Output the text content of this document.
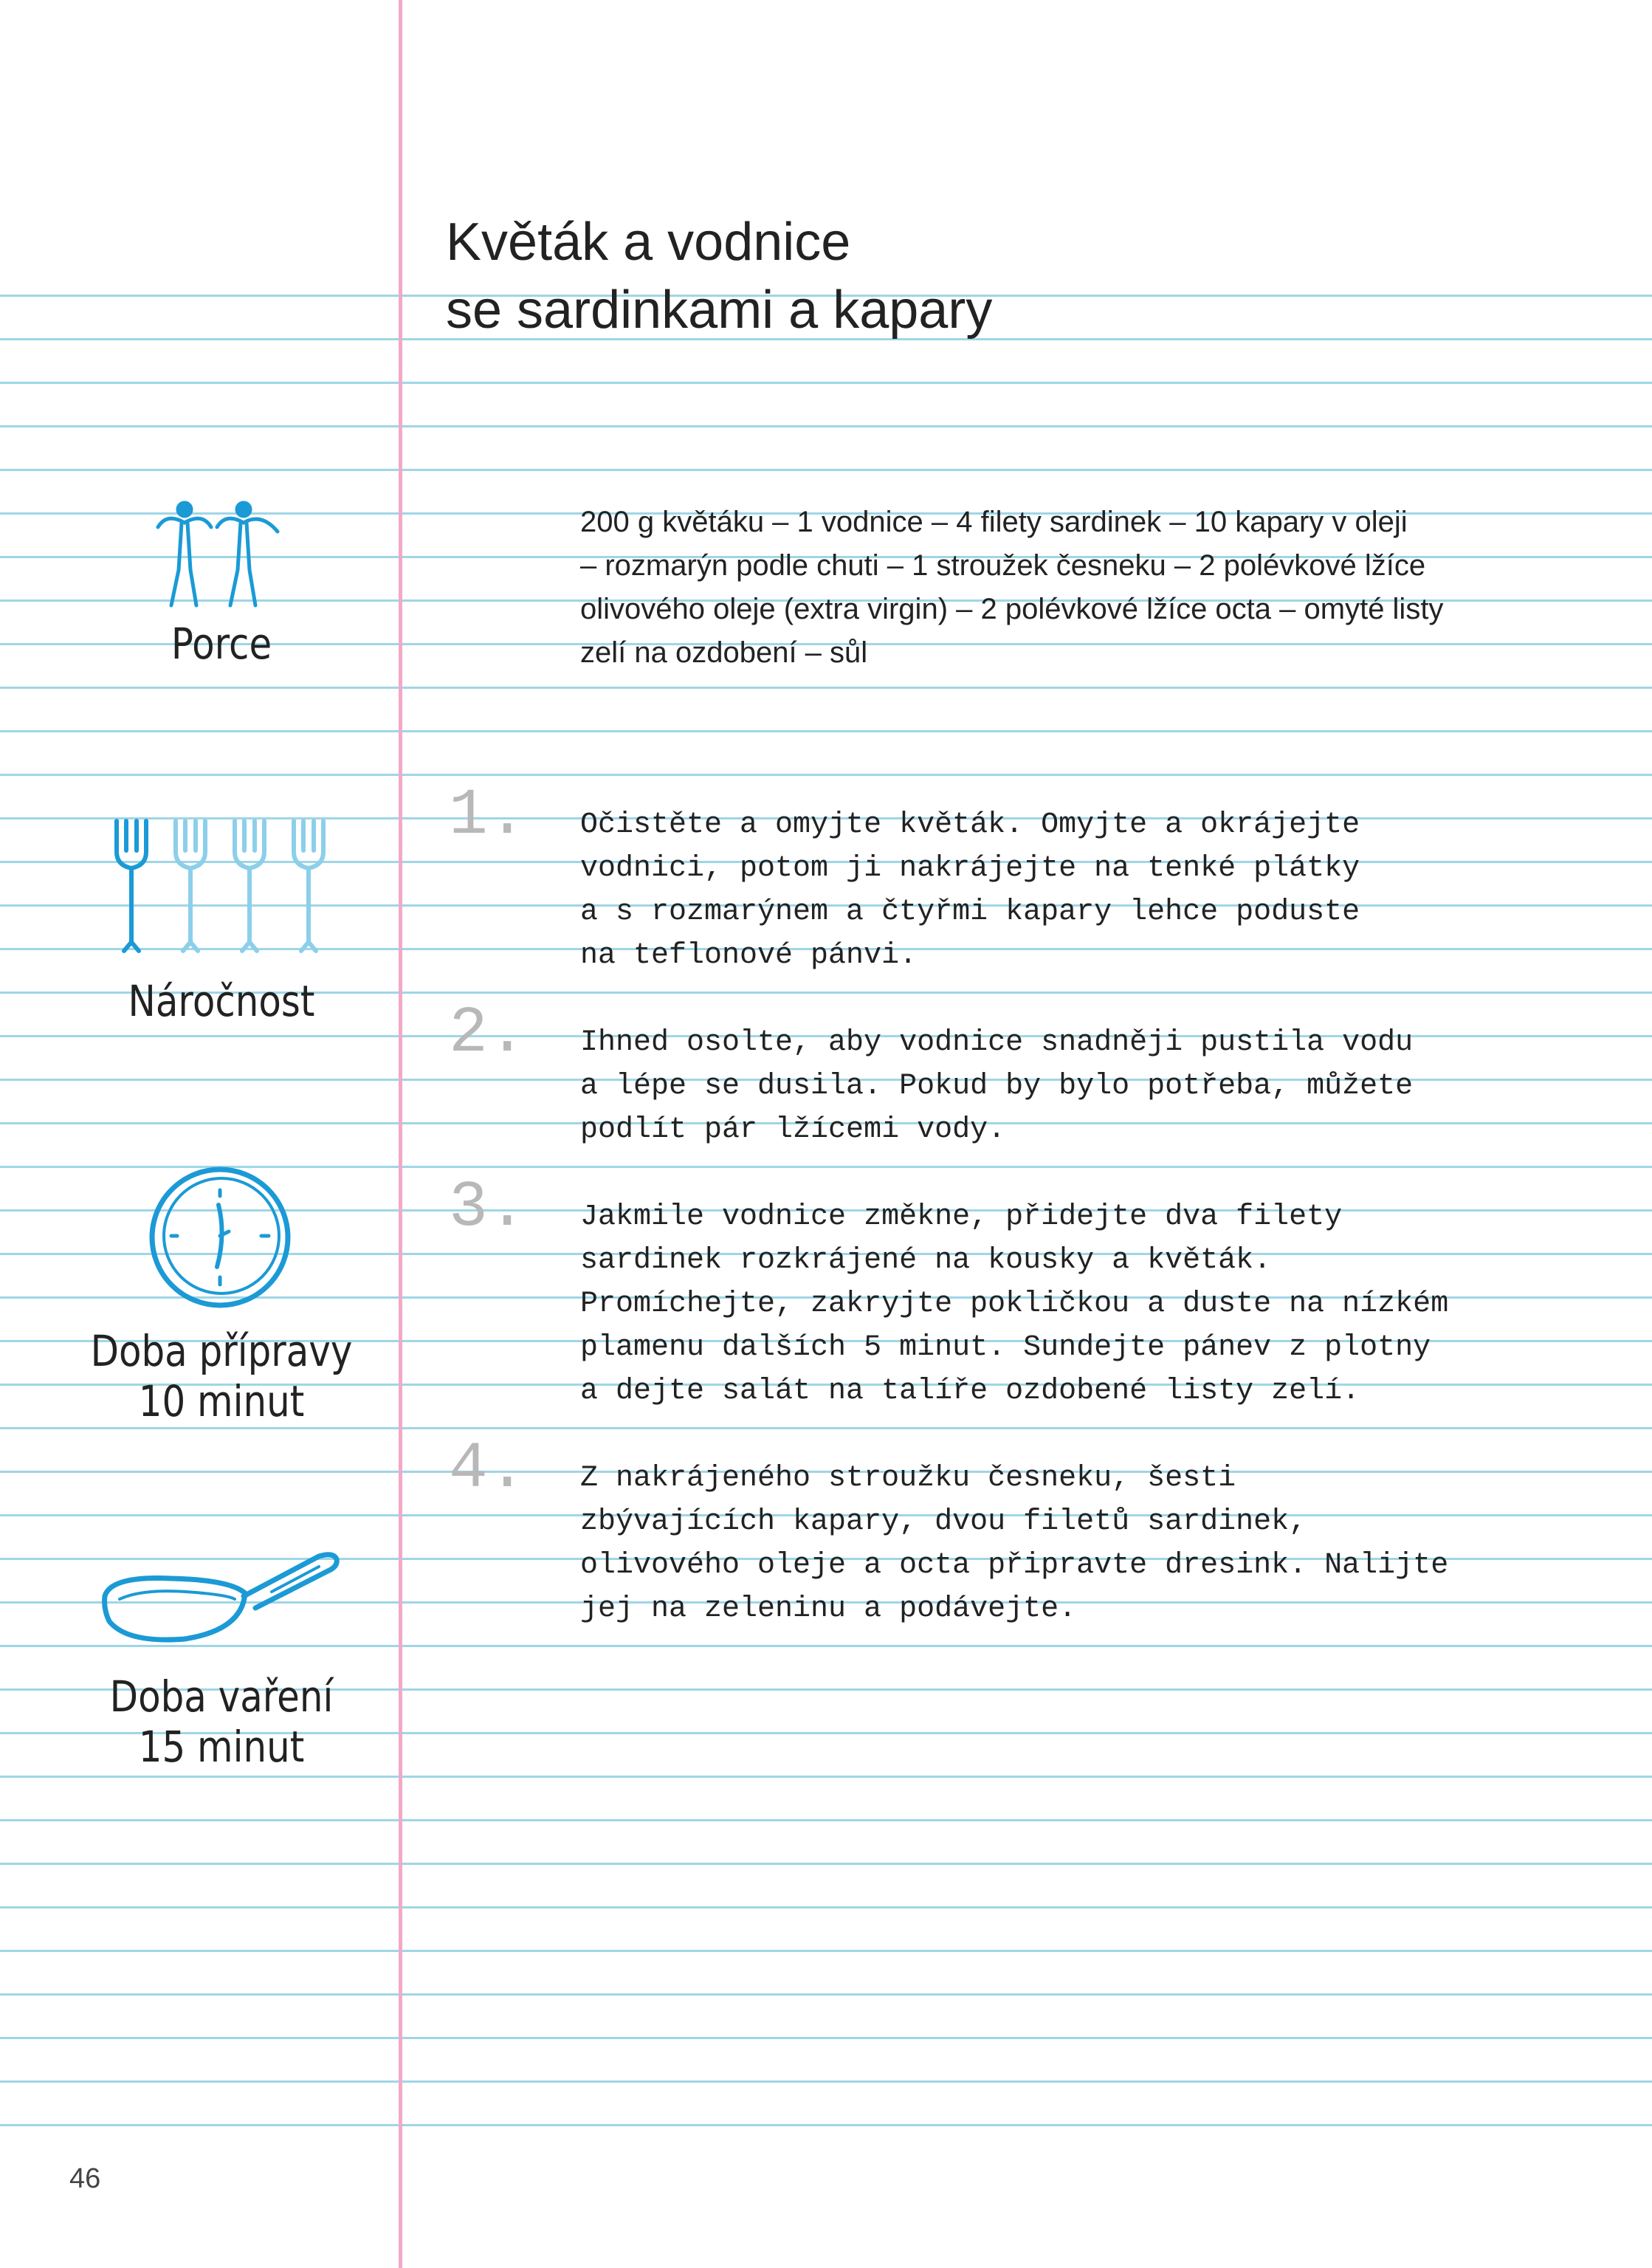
Květák a vodnice
se sardinkami a kapary
200 g květáku – 1 vodnice – 4 filety sardinek – 10 kapary v oleji
– rozmarýn podle chuti – 1 stroužek česneku – 2 polévkové lžíce
olivového oleje (extra virgin) – 2 polévkové lžíce octa – omyté listy
zelí na ozdobení – sůl
1. Očistěte a omyjte květák. Omyjte a okrájejte
vodnici, potom ji nakrájejte na tenké plátky
a s rozmarýnem a čtyřmi kapary lehce poduste
na teflonové pánvi.
2. Ihned osolte, aby vodnice snadněji pustila vodu
a lépe se dusila. Pokud by bylo potřeba, můžete
podlít pár lžícemi vody.
3. Jakmile vodnice změkne, přidejte dva filety
sardinek rozkrájené na kousky a květák.
Promíchejte, zakryjte pokličkou a duste na nízkém
plamenu dalších 5 minut. Sundejte pánev z plotny
a dejte salát na talíře ozdobené listy zelí.
4. Z nakrájeného stroužku česneku, šesti
zbývajících kapary, dvou filetů sardinek,
olivového oleje a octa připravte dresink. Nalijte
jej na zeleninu a podávejte.
Porce
Náročnost
Doba přípravy
10 minut
Doba vaření
15 minut
46
